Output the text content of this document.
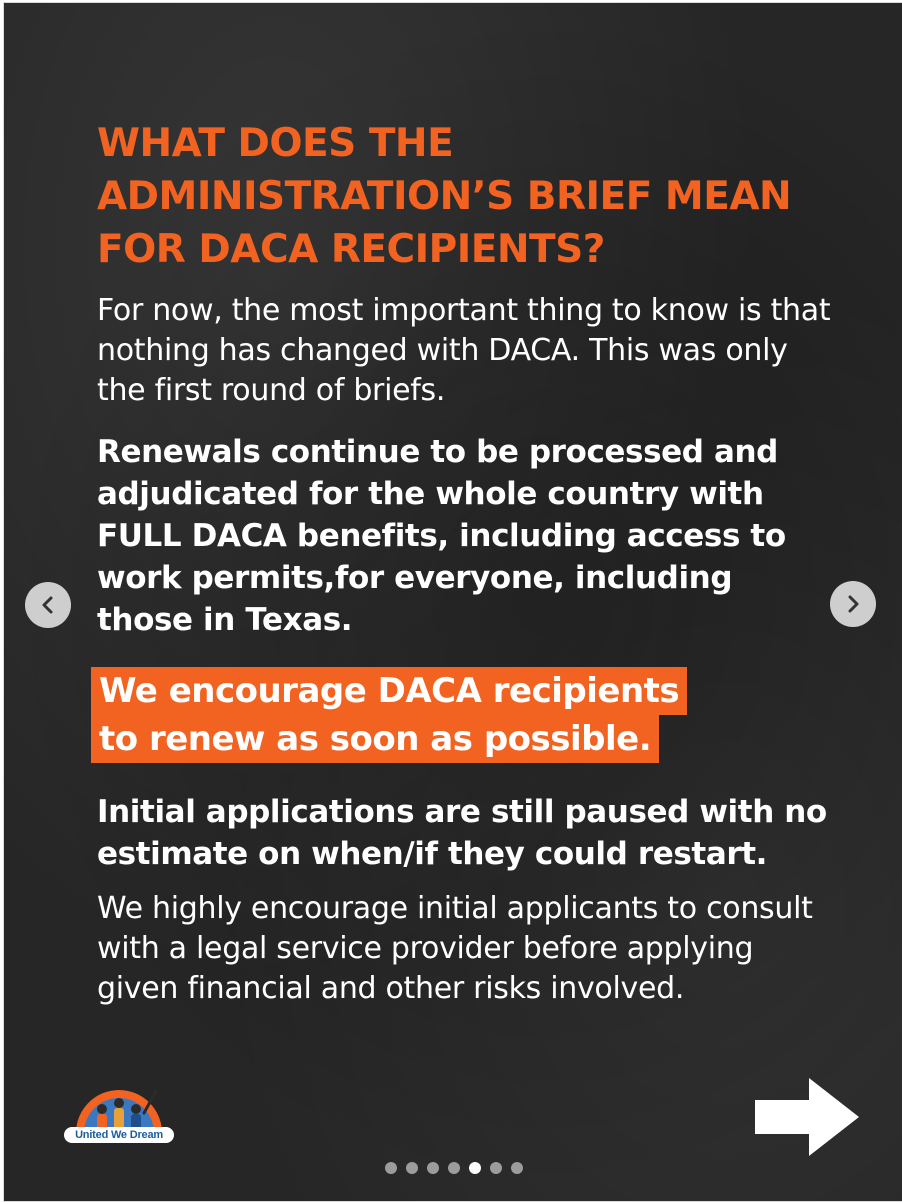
WHAT DOES THE ADMINISTRATION’S BRIEF MEAN FOR DACA RECIPIENTS?

For now, the most important thing to know is that nothing has changed with DACA. This was only the first round of briefs.

Renewals continue to be processed and adjudicated for the whole country with FULL DACA benefits, including access to work permits,for everyone, including those in Texas.

We encourage DACA recipients
to renew as soon as possible.

Initial applications are still paused with no estimate on when/if they could restart.

We highly encourage initial applicants to consult with a legal service provider before applying given financial and other risks involved.

United We Dream
